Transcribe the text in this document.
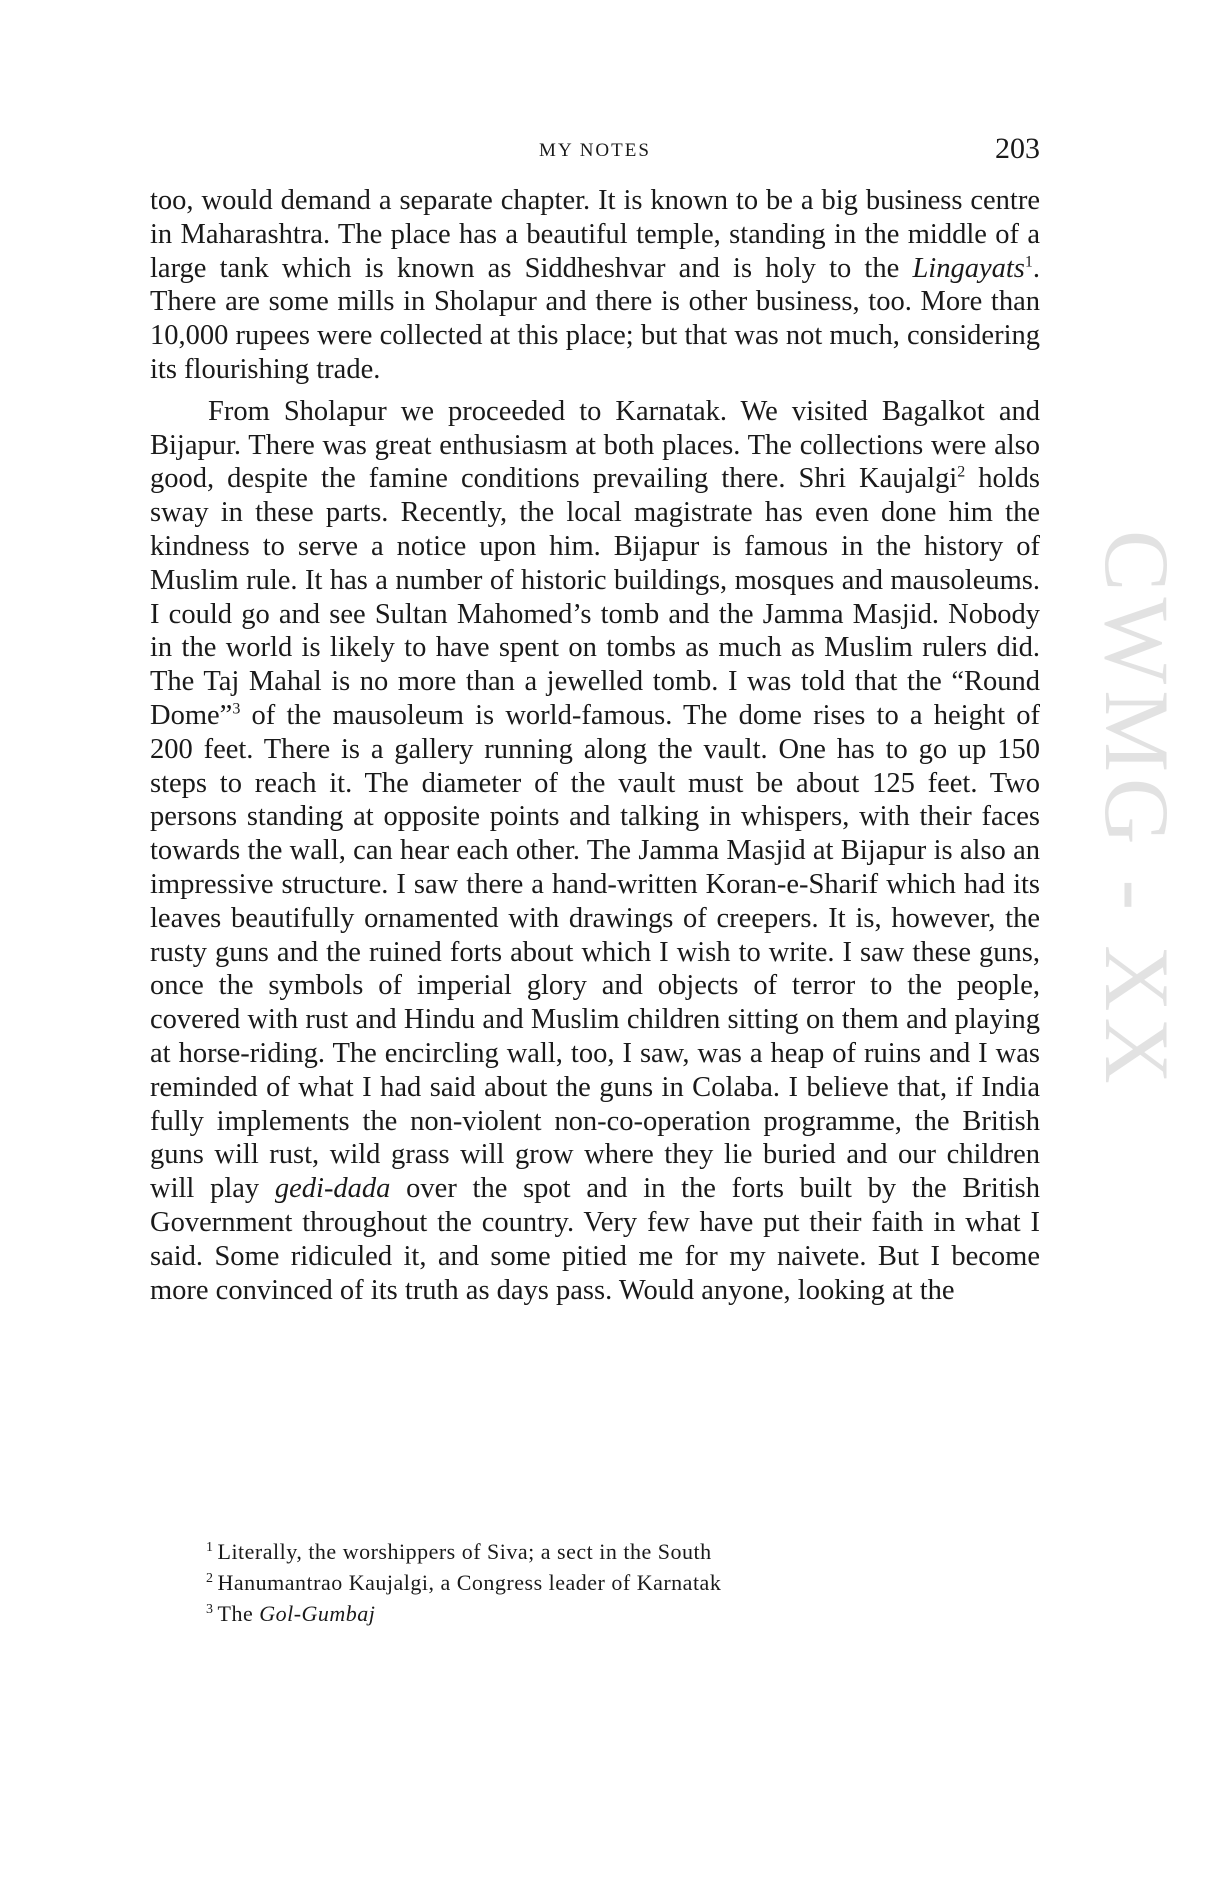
MY NOTES	203

too, would demand a separate chapter. It is known to be a big business centre in Maharashtra. The place has a beautiful temple, standing in the middle of a large tank which is known as Siddheshvar and is holy to the Lingayats$^1$. There are some mills in Sholapur and there is other business, too. More than 10,000 rupees were collected at this place; but that was not much, considering its flourishing trade.

From Sholapur we proceeded to Karnatak. We visited Bagalkot and Bijapur. There was great enthusiasm at both places. The collections were also good, despite the famine conditions prevailing there. Shri Kaujalgi$^2$ holds sway in these parts. Recently, the local magistrate has even done him the kindness to serve a notice upon him. Bijapur is famous in the history of Muslim rule. It has a number of historic buildings, mosques and mausoleums. I could go and see Sultan Mahomed’s tomb and the Jamma Masjid. Nobody in the world is likely to have spent on tombs as much as Muslim rulers did. The Taj Mahal is no more than a jewelled tomb. I was told that the “Round Dome”$^3$ of the mausoleum is world-famous. The dome rises to a height of 200 feet. There is a gallery running along the vault. One has to go up 150 steps to reach it. The diameter of the vault must be about 125 feet. Two persons standing at opposite points and talking in whispers, with their faces towards the wall, can hear each other. The Jamma Masjid at Bijapur is also an impressive structure. I saw there a hand-written Koran-e-Sharif which had its leaves beautifully ornamented with drawings of creepers. It is, however, the rusty guns and the ruined forts about which I wish to write. I saw these guns, once the symbols of imperial glory and objects of terror to the people, covered with rust and Hindu and Muslim children sitting on them and playing at horse-riding. The encircling wall, too, I saw, was a heap of ruins and I was reminded of what I had said about the guns in Colaba. I believe that, if India fully implements the non-violent non-co-operation programme, the British guns will rust, wild grass will grow where they lie buried and our children will play gedi-dada over the spot and in the forts built by the British Government throughout the country. Very few have put their faith in what I said. Some ridiculed it, and some pitied me for my naivete. But I become more convinced of its truth as days pass. Would anyone, looking at the

$^1$ Literally, the worshippers of Siva; a sect in the South

$^2$ Hanumantrao Kaujalgi, a Congress leader of Karnatak

$^3$ The Gol-Gumbaj

CWMG - XX
